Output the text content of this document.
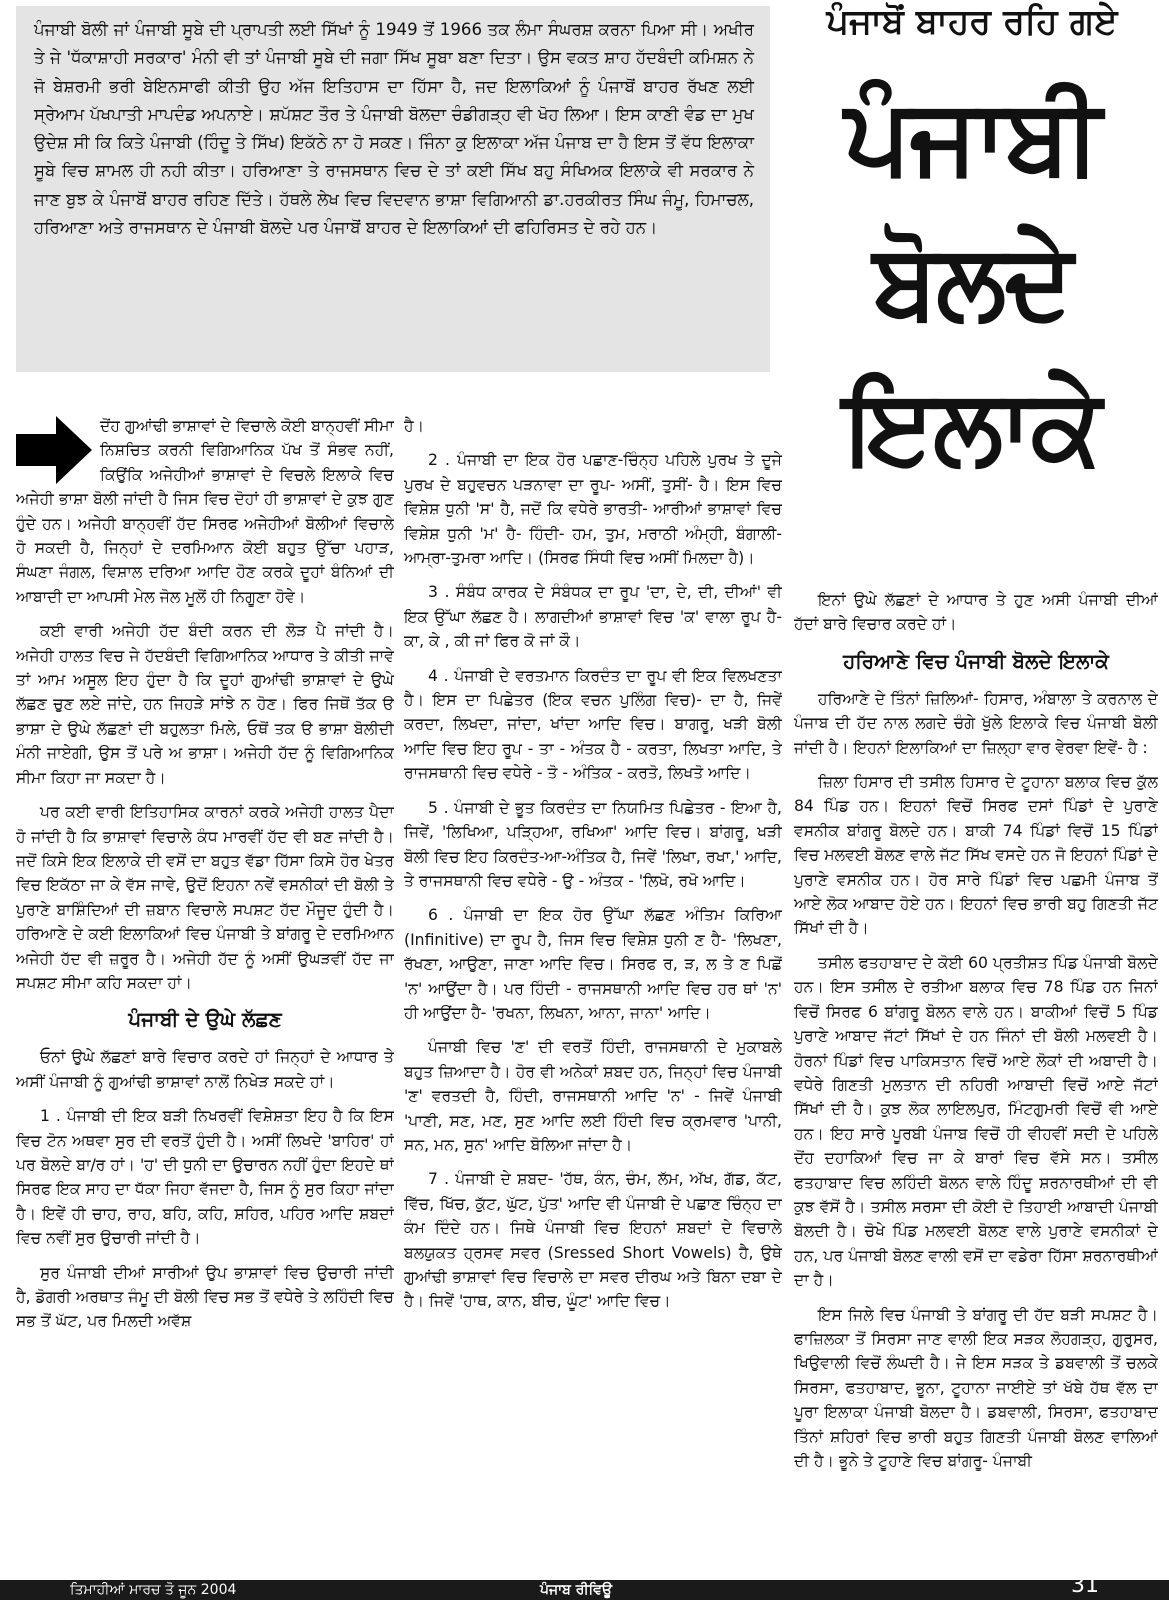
ਪੰਜਾਬੀ ਬੋਲੀ ਜਾਂ ਪੰਜਾਬੀ ਸੂਬੇ ਦੀ ਪ੍ਰਾਪਤੀ ਲਈ ਸਿੱਖਾਂ ਨੂੰ 1949 ਤੋਂ 1966 ਤਕ ਲੰਮਾ ਸੰਘਰਸ਼ ਕਰਨਾ ਪਿਆ ਸੀ। ਅਖੀਰ ਤੇ ਜੇ 'ਧੱਕਾਸ਼ਾਹੀ ਸਰਕਾਰ' ਮੰਨੀ ਵੀ ਤਾਂ ਪੰਜਾਬੀ ਸੂਬੇ ਦੀ ਜਗਾ ਸਿੱਖ ਸੂਬਾ ਬਣਾ ਦਿਤਾ। ਉਸ ਵਕਤ ਸ਼ਾਹ ਹੱਦਬੰਦੀ ਕਮਿਸ਼ਨ ਨੇ ਜੋ ਬੇਸ਼ਰਮੀ ਭਰੀ ਬੇਇਨਸਾਫੀ ਕੀਤੀ ਉਹ ਅੱਜ ਇਤਿਹਾਸ ਦਾ ਹਿੱਸਾ ਹੈ, ਜਦ ਇਲਾਕਿਆਂ ਨੂੰ ਪੰਜਾਬੋਂ ਬਾਹਰ ਰੱਖਣ ਲਈ ਸ੍ਰੇਆਮ ਪੱਖਪਾਤੀ ਮਾਪਦੰਡ ਅਪਨਾਏ। ਸ਼ਪੱਸ਼ਟ ਤੌਰ ਤੇ ਪੰਜਾਬੀ ਬੋਲਦਾ ਚੰਡੀਗੜ੍ਹ ਵੀ ਖੋਹ ਲਿਆ। ਇਸ ਕਾਣੀ ਵੰਡ ਦਾ ਮੁਖ ਉਦੇਸ਼ ਸੀ ਕਿ ਕਿਤੇ ਪੰਜਾਬੀ (ਹਿੰਦੂ ਤੇ ਸਿੱਖ) ਇਕੱਠੇ ਨਾ ਹੋ ਸਕਣ। ਜਿੰਨਾ ਕੁ ਇਲਾਕਾ ਅੱਜ ਪੰਜਾਬ ਦਾ ਹੈ ਇਸ ਤੋਂ ਵੱਧ ਇਲਾਕਾ ਸੂਬੇ ਵਿਚ ਸ਼ਾਮਲ ਹੀ ਨਹੀ ਕੀਤਾ। ਹਰਿਆਣਾ ਤੇ ਰਾਜਸਥਾਨ ਵਿਚ ਦੇ ਤਾਂ ਕਈ ਸਿੱਖ ਬਹੁ ਸੰਖਿਅਕ ਇਲਾਕੇ ਵੀ ਸਰਕਾਰ ਨੇ ਜਾਣ ਬੁਝ ਕੇ ਪੰਜਾਬੋਂ ਬਾਹਰ ਰਹਿਣ ਦਿੱਤੇ। ਹੱਥਲੇ ਲੇਖ ਵਿਚ ਵਿਦਵਾਨ ਭਾਸ਼ਾ ਵਿਗਿਆਨੀ ਡਾ.ਹਰਕੀਰਤ ਸਿੰਘ ਜੰਮੂ, ਹਿਮਾਚਲ, ਹਰਿਆਣਾ ਅਤੇ ਰਾਜਸਥਾਨ ਦੇ ਪੰਜਾਬੀ ਬੋਲਦੇ ਪਰ ਪੰਜਾਬੋਂ ਬਾਹਰ ਦੇ ਇਲਾਕਿਆਂ ਦੀ ਫਹਿਰਿਸਤ ਦੇ ਰਹੇ ਹਨ।

ਪੰਜਾਬੋਂ ਬਾਹਰ ਰਹਿ ਗਏ
ਪੰਜਾਬੀ
ਬੋਲਦੇ
ਇਲਾਕੇ

ਦੋਂਹ ਗੁਆਂਢੀ ਭਾਸ਼ਾਵਾਂ ਦੇ ਵਿਚਾਲੇ ਕੋਈ ਬਾਨ੍ਹਵੀਂ ਸੀਮਾ ਨਿਸ਼ਚਿਤ ਕਰਨੀ ਵਿਗਿਆਨਿਕ ਪੱਖ ਤੋਂ ਸੰਭਵ ਨਹੀਂ, ਕਿਉਂਕਿ ਅਜੇਹੀਆਂ ਭਾਸ਼ਾਵਾਂ ਦੇ ਵਿਚਲੇ ਇਲਾਕੇ ਵਿਚ ਅਜੇਹੀ ਭਾਸ਼ਾ ਬੋਲੀ ਜਾਂਦੀ ਹੈ ਜਿਸ ਵਿਚ ਦੋਹਾਂ ਹੀ ਭਾਸ਼ਾਵਾਂ ਦੇ ਕੁਝ ਗੁਣ ਹੁੰਦੇ ਹਨ। ਅਜੇਹੀ ਬਾਨ੍ਹਵੀਂ ਹੱਦ ਸਿਰਫ ਅਜੇਹੀਆਂ ਬੋਲੀਆਂ ਵਿਚਾਲੇ ਹੋ ਸਕਦੀ ਹੈ, ਜਿਨ੍ਹਾਂ ਦੇ ਦਰਮਿਆਨ ਕੋਈ ਬਹੁਤ ਉੱਚਾ ਪਹਾੜ, ਸੰਘਣਾ ਜੰਗਲ, ਵਿਸ਼ਾਲ ਦਰਿਆ ਆਦਿ ਹੋਣ ਕਰਕੇ ਦੂਹਾਂ ਬੰਨਿਆਂ ਦੀ ਆਬਾਦੀ ਦਾ ਆਪਸੀ ਮੇਲ ਜੋਲ ਮੂਲੋਂ ਹੀ ਨਿਗੂਣਾ ਹੋਵੇ।

ਕਈ ਵਾਰੀ ਅਜੇਹੀ ਹੱਦ ਬੰਦੀ ਕਰਨ ਦੀ ਲੋੜ ਪੈ ਜਾਂਦੀ ਹੈ। ਅਜੇਹੀ ਹਾਲਤ ਵਿਚ ਜੇ ਹੱਦਬੰਦੀ ਵਿਗਿਆਨਿਕ ਆਧਾਰ ਤੇ ਕੀਤੀ ਜਾਵੇ ਤਾਂ ਆਮ ਅਸੂਲ ਇਹ ਹੁੰਦਾ ਹੈ ਕਿ ਦੂਹਾਂ ਗੁਆਂਢੀ ਭਾਸ਼ਾਵਾਂ ਦੇ ਉਘੇ ਲੱਛਣ ਚੁਣ ਲਏ ਜਾਂਦੇ, ਹਨ ਜਿਹੜੇ ਸਾਂਝੇ ਨ ਹੋਣ। ਫਿਰ ਜਿਥੋਂ ਤੱਕ ੳ ਭਾਸ਼ਾ ਦੇ ਉਘੇ ਲੱਛਣਾਂ ਦੀ ਬਹੁਲਤਾ ਮਿਲੇ, ਓਥੋਂ ਤਕ ੳ ਭਾਸ਼ਾ ਬੋਲੀਦੀ ਮੰਨੀ ਜਾਏਗੀ, ਉਸ ਤੋਂ ਪਰੇ ਅ ਭਾਸ਼ਾ। ਅਜੇਹੀ ਹੱਦ ਨੂੰ ਵਿਗਿਆਨਿਕ ਸੀਮਾ ਕਿਹਾ ਜਾ ਸਕਦਾ ਹੈ।

ਪਰ ਕਈ ਵਾਰੀ ਇਤਿਹਾਸਿਕ ਕਾਰਨਾਂ ਕਰਕੇ ਅਜੇਹੀ ਹਾਲਤ ਪੈਦਾ ਹੋ ਜਾਂਦੀ ਹੈ ਕਿ ਭਾਸ਼ਾਵਾਂ ਵਿਚਾਲੇ ਕੰਧ ਮਾਰਵੀਂ ਹੱਦ ਵੀ ਬਣ ਜਾਂਦੀ ਹੈ। ਜਦੋਂ ਕਿਸੇ ਇਕ ਇਲਾਕੇ ਦੀ ਵਸੋਂ ਦਾ ਬਹੁਤ ਵੱਡਾ ਹਿੱਸਾ ਕਿਸੇ ਹੋਰ ਖੇਤਰ ਵਿਚ ਇਕੱਠਾ ਜਾ ਕੇ ਵੱਸ ਜਾਵੇ, ਉਦੋਂ ਇਹਨਾ ਨਵੇਂ ਵਸਨੀਕਾਂ ਦੀ ਬੋਲੀ ਤੇ ਪੁਰਾਣੇ ਬਾਸ਼ਿੰਦਿਆਂ ਦੀ ਜ਼ਬਾਨ ਵਿਚਾਲੇ ਸਪਸ਼ਟ ਹੱਦ ਮੌਜੂਦ ਹੁੰਦੀ ਹੈ। ਹਰਿਆਣੇ ਦੇ ਕਈ ਇਲਾਕਿਆਂ ਵਿਚ ਪੰਜਾਬੀ ਤੇ ਬਾਂਗਰੂ ਦੇ ਦਰਮਿਆਨ ਅਜੇਹੀ ਹੱਦ ਵੀ ਜ਼ਰੂਰ ਹੈ। ਅਜੇਹੀ ਹੱਦ ਨੂੰ ਅਸੀਂ ਉਘੜਵੀਂ ਹੱਦ ਜਾ ਸਪਸ਼ਟ ਸੀਮਾ ਕਹਿ ਸਕਦਾ ਹਾਂ।

ਪੰਜਾਬੀ ਦੇ ਉਘੇ ਲੱਛਣ

ਓਨਾਂ ਉਘੇ ਲੱਛਣਾਂ ਬਾਰੇ ਵਿਚਾਰ ਕਰਦੇ ਹਾਂ ਜਿਨ੍ਹਾਂ ਦੇ ਆਧਾਰ ਤੇ ਅਸੀਂ ਪੰਜਾਬੀ ਨੂੰ ਗੁਆਂਢੀ ਭਾਸ਼ਾਵਾਂ ਨਾਲੋਂ ਨਿਖੇੜ ਸਕਦੇ ਹਾਂ।

1 . ਪੰਜਾਬੀ ਦੀ ਇਕ ਬੜੀ ਨਿਖਰਵੀਂ ਵਿਸ਼ੇਸ਼ਤਾ ਇਹ ਹੈ ਕਿ ਇਸ ਵਿਚ ਟੋਨ ਅਥਵਾ ਸੁਰ ਦੀ ਵਰਤੋਂ ਹੁੰਦੀ ਹੈ। ਅਸੀਂ ਲਿਖਦੇ 'ਬਾਹਿਰ' ਹਾਂ ਪਰ ਬੋਲਦੇ ਬਾ/ਰ ਹਾਂ। 'ਹ' ਦੀ ਧੁਨੀ ਦਾ ਉਚਾਰਨ ਨਹੀਂ ਹੁੰਦਾ ਇਹਦੇ ਥਾਂ ਸਿਰਫ ਇਕ ਸਾਹ ਦਾ ਧੱਕਾ ਜਿਹਾ ਵੱਜਦਾ ਹੈ, ਜਿਸ ਨੂੰ ਸੁਰ ਕਿਹਾ ਜਾਂਦਾ ਹੈ। ਇਵੇਂ ਹੀ ਚਾਹ, ਰਾਹ, ਬਹਿ, ਕਹਿ, ਸ਼ਹਿਰ, ਪਹਿਰ ਆਦਿ ਸ਼ਬਦਾਂ ਵਿਚ ਨਵੀਂ ਸੁਰ ਉਚਾਰੀ ਜਾਂਦੀ ਹੈ।

ਸੁਰ ਪੰਜਾਬੀ ਦੀਆਂ ਸਾਰੀਆਂ ਉਪ ਭਾਸ਼ਾਵਾਂ ਵਿਚ ਉਚਾਰੀ ਜਾਂਦੀ ਹੈ, ਡੋਗਰੀ ਅਰਥਾਤ ਜੰਮੂ ਦੀ ਬੋਲੀ ਵਿਚ ਸਭ ਤੋਂ ਵਧੇਰੇ ਤੇ ਲਹਿੰਦੀ ਵਿਚ ਸਭ ਤੋਂ ਘੱਟ, ਪਰ ਮਿਲਦੀ ਅਵੱਸ਼

ਹੈ।

2 . ਪੰਜਾਬੀ ਦਾ ਇਕ ਹੋਰ ਪਛਾਣ-ਚਿੰਨ੍ਹ ਪਹਿਲੇ ਪੁਰਖ ਤੇ ਦੂਜੇ ਪੁਰਖ ਦੇ ਬਹੁਵਚਨ ਪੜਨਾਵਾ ਦਾ ਰੂਪ- ਅਸੀਂ, ਤੁਸੀਂ- ਹੈ। ਇਸ ਵਿਚ ਵਿਸ਼ੇਸ਼ ਧੁਨੀ 'ਸ' ਹੈ, ਜਦੋਂ ਕਿ ਵਧੇਰੇ ਭਾਰਤੀ- ਆਰੀਆਂ ਭਾਸ਼ਾਵਾਂ ਵਿਚ ਵਿਸ਼ੇਸ਼ ਧੁਨੀ 'ਮ' ਹੈ- ਹਿੰਦੀ- ਹਮ, ਤੁਮ, ਮਰਾਠੀ ਅੰਮ੍ਹੀ, ਬੰਗਾਲੀ- ਆਮ੍ਰਾ-ਤੁਮਰਾ ਆਦਿ। (ਸਿਰਫ ਸਿੰਧੀ ਵਿਚ ਅਸੀਂ ਮਿਲਦਾ ਹੈ)।

3 . ਸੰਬੰਧ ਕਾਰਕ ਦੇ ਸੰਬੰਧਕ ਦਾ ਰੂਪ 'ਦਾ, ਦੇ, ਦੀ, ਦੀਆਂ' ਵੀ ਇਕ ਉੱਘਾ ਲੱਛਣ ਹੈ। ਲਾਗਦੀਆਂ ਭਾਸ਼ਾਵਾਂ ਵਿਚ 'ਕ' ਵਾਲਾ ਰੂਪ ਹੈ- ਕਾ, ਕੇ , ਕੀ ਜਾਂ ਫਿਰ ਕੋ ਜਾਂ ਕੌ।

4 . ਪੰਜਾਬੀ ਦੇ ਵਰਤਮਾਨ ਕਿਰਦੰਤ ਦਾ ਰੂਪ ਵੀ ਇਕ ਵਿਲਖਣਤਾ ਹੈ। ਇਸ ਦਾ ਪਿਛੇਤਰ (ਇਕ ਵਚਨ ਪੁਲਿੰਗ ਵਿਚ)- ਦਾ ਹੈ, ਜਿਵੇਂ ਕਰਦਾ, ਲਿਖਦਾ, ਜਾਂਦਾ, ਖਾਂਦਾ ਆਦਿ ਵਿਚ। ਬਾਗਰੂ, ਖੜੀ ਬੋਲੀ ਆਦਿ ਵਿਚ ਇਹ ਰੂਪ - ਤਾ - ਅੰਤਕ ਹੈ - ਕਰਤਾ, ਲਿਖਤਾ ਆਦਿ, ਤੇ ਰਾਜਸਥਾਨੀ ਵਿਚ ਵਧੇਰੇ - ਤੋ - ਅੰਤਿਕ - ਕਰਤੋ, ਲਿਖਤੋ ਆਦਿ।

5 . ਪੰਜਾਬੀ ਦੇ ਭੂਤ ਕਿਰਦੰਤ ਦਾ ਨਿਯਮਿਤ ਪਿਛੇਤਰ - ਇਆ ਹੈ, ਜਿਵੇਂ, 'ਲਿਖਿਆ, ਪੜ੍ਹਿਆ, ਰਖਿਆ' ਆਦਿ ਵਿਚ। ਬਾਂਗਰੂ, ਖੜੀ ਬੋਲੀ ਵਿਚ ਇਹ ਕਿਰਦੰਤ-ਆ-ਅੰਤਿਕ ਹੈ, ਜਿਵੇਂ 'ਲਿਖਾ, ਰਖਾ,' ਆਦਿ, ਤੇ ਰਾਜਸਥਾਨੀ ਵਿਚ ਵਧੇਰੇ - ਉ - ਅੰਤਕ - 'ਲਿਖੋ, ਰਖੋ ਆਦਿ।

6 . ਪੰਜਾਬੀ ਦਾ ਇਕ ਹੋਰ ਉੱਘਾ ਲੱਛਣ ਅੰਤਿਮ ਕਿਰਿਆ (Infinitive) ਦਾ ਰੂਪ ਹੈ, ਜਿਸ ਵਿਚ ਵਿਸ਼ੇਸ਼ ਧੁਨੀ ਣ ਹੈ- 'ਲਿਖਣਾ, ਰੱਖਣਾ, ਆਉਣਾ, ਜਾਣਾ ਆਦਿ ਵਿਚ। ਸਿਰਫ ਰ, ੜ, ਲ ਤੇ ਣ ਪਿਛੋਂ 'ਨ' ਆਉਂਦਾ ਹੈ। ਪਰ ਹਿੰਦੀ - ਰਾਜਸਥਾਨੀ ਆਦਿ ਵਿਚ ਹਰ ਥਾਂ 'ਨ' ਹੀ ਆਉਂਦਾ ਹੈ- 'ਰਖਨਾ, ਲਿਖਨਾ, ਆਨਾ, ਜਾਨਾ' ਆਦਿ।

ਪੰਜਾਬੀ ਵਿਚ 'ਣ' ਦੀ ਵਰਤੋਂ ਹਿੰਦੀ, ਰਾਜਸਥਾਨੀ ਦੇ ਮੁਕਾਬਲੇ ਬਹੁਤ ਜ਼ਿਆਦਾ ਹੈ। ਹੋਰ ਵੀ ਅਨੇਕਾਂ ਸ਼ਬਦ ਹਨ, ਜਿਨ੍ਹਾਂ ਵਿਚ ਪੰਜਾਬੀ 'ਣ' ਵਰਤਦੀ ਹੈ, ਹਿੰਦੀ, ਰਾਜਸਥਾਨੀ ਆਦਿ 'ਨ' - ਜਿਵੇਂ ਪੰਜਾਬੀ 'ਪਾਣੀ, ਸਣ, ਮਣ, ਸੁਣ ਆਦਿ ਲਈ ਹਿੰਦੀ ਵਿਚ ਕ੍ਰਮਵਾਰ 'ਪਾਨੀ, ਸਨ, ਮਨ, ਸੁਨ' ਆਦਿ ਬੋਲਿਆ ਜਾਂਦਾ ਹੈ।

7 . ਪੰਜਾਬੀ ਦੇ ਸ਼ਬਦ- 'ਹੱਥ, ਕੰਨ, ਚੰਮ, ਲੱਮ, ਅੱਖ, ਗੱਡ, ਕੱਟ, ਵਿੱਚ, ਖਿੱਚ, ਕੁੱਟ, ਘੁੱਟ, ਪੁੱਤ' ਆਦਿ ਵੀ ਪੰਜਾਬੀ ਦੇ ਪਛਾਣ ਚਿੰਨ੍ਹ ਦਾ ਕੰਮ ਦਿੰਦੇ ਹਨ। ਜਿਥੇ ਪੰਜਾਬੀ ਵਿਚ ਇਹਨਾਂ ਸ਼ਬਦਾਂ ਦੇ ਵਿਚਾਲੇ ਬਲਯੁਕਤ ਹ੍ਰਸਵ ਸਵਰ (Sressed Short Vowels) ਹੈ, ਉਥੇ ਗੁਆਂਢੀ ਭਾਸ਼ਾਵਾਂ ਵਿਚ ਵਿਚਾਲੇ ਦਾ ਸਵਰ ਦੀਰਘ ਅਤੇ ਬਿਨਾ ਦਬਾ ਦੇ ਹੈ। ਜਿਵੇਂ 'ਹਾਥ, ਕਾਨ, ਬੀਚ, ਘੂੰਟ' ਆਦਿ ਵਿਚ।

ਇਨਾਂ ਉਘੇ ਲੱਛਣਾਂ ਦੇ ਆਧਾਰ ਤੇ ਹੁਣ ਅਸੀ ਪੰਜਾਬੀ ਦੀਆਂ ਹੱਦਾਂ ਬਾਰੇ ਵਿਚਾਰ ਕਰਦੇ ਹਾਂ।

ਹਰਿਆਣੇ ਵਿਚ ਪੰਜਾਬੀ ਬੋਲਦੇ ਇਲਾਕੇ

ਹਰਿਆਣੇ ਦੇ ਤਿੰਨਾਂ ਜ਼ਿਲਿਆਂ- ਹਿਸਾਰ, ਅੰਬਾਲਾ ਤੇ ਕਰਨਾਲ ਦੇ ਪੰਜਾਬ ਦੀ ਹੱਦ ਨਾਲ ਲਗਦੇ ਚੰਗੇ ਖੁੱਲੇ ਇਲਾਕੇ ਵਿਚ ਪੰਜਾਬੀ ਬੋਲੀ ਜਾਂਦੀ ਹੈ। ਇਹਨਾਂ ਇਲਾਕਿਆਂ ਦਾ ਜ਼ਿਲ੍ਹਾ ਵਾਰ ਵੇਰਵਾ ਇਵੇਂ- ਹੈ :

ਜ਼ਿਲਾ ਹਿਸਾਰ ਦੀ ਤਸੀਲ ਹਿਸਾਰ ਦੇ ਟੂਹਾਨਾ ਬਲਾਕ ਵਿਚ ਕੁੱਲ 84 ਪਿੰਡ ਹਨ। ਇਹਨਾਂ ਵਿਚੋਂ ਸਿਰਫ ਦਸਾਂ ਪਿੰਡਾਂ ਦੇ ਪੁਰਾਣੇ ਵਸਨੀਕ ਬਾਂਗਰੂ ਬੋਲਦੇ ਹਨ। ਬਾਕੀ 74 ਪਿੰਡਾਂ ਵਿਚੋਂ 15 ਪਿੰਡਾਂ ਵਿਚ ਮਲਵਈ ਬੋਲਣ ਵਾਲੇ ਜੱਟ ਸਿੱਖ ਵਸਦੇ ਹਨ ਜੋ ਇਹਨਾਂ ਪਿੰਡਾਂ ਦੇ ਪੁਰਾਣੇ ਵਸਨੀਕ ਹਨ। ਹੋਰ ਸਾਰੇ ਪਿੰਡਾਂ ਵਿਚ ਪਛਮੀ ਪੰਜਾਬ ਤੋਂ ਆਏ ਲੋਕ ਆਬਾਦ ਹੋਏ ਹਨ। ਇਹਨਾਂ ਵਿਚ ਭਾਰੀ ਬਹੁ ਗਿਣਤੀ ਜੱਟ ਸਿੱਖਾਂ ਦੀ ਹੈ।

ਤਸੀਲ ਫਤਹਾਬਾਦ ਦੇ ਕੋਈ 60 ਪ੍ਰਤੀਸ਼ਤ ਪਿੰਡ ਪੰਜਾਬੀ ਬੋਲਦੇ ਹਨ। ਇਸ ਤਸੀਲ ਦੇ ਰਤੀਆ ਬਲਾਕ ਵਿਚ 78 ਪਿੰਡ ਹਨ ਜਿਨਾਂ ਵਿਚੋਂ ਸਿਰਫ 6 ਬਾਂਗਰੂ ਬੋਲਨ ਵਾਲੇ ਹਨ। ਬਾਕੀਆਂ ਵਿਚੋਂ 5 ਪਿੰਡ ਪੁਰਾਣੇ ਆਬਾਦ ਜੱਟਾਂ ਸਿੱਖਾਂ ਦੇ ਹਨ ਜਿੰਨਾਂ ਦੀ ਬੋਲੀ ਮਲਵਈ ਹੈ। ਹੋਰਨਾਂ ਪਿੰਡਾਂ ਵਿਚ ਪਾਕਿਸਤਾਨ ਵਿਚੋਂ ਆਏ ਲੋਕਾਂ ਦੀ ਅਬਾਦੀ ਹੈ। ਵਧੇਰੇ ਗਿਣਤੀ ਮੁਲਤਾਨ ਦੀ ਨਹਿਰੀ ਆਬਾਦੀ ਵਿਚੋਂ ਆਏ ਜੱਟਾਂ ਸਿੱਖਾਂ ਦੀ ਹੈ। ਕੁਝ ਲੋਕ ਲਾਇਲਪੁਰ, ਮਿੰਟਗੁਮਰੀ ਵਿਚੋਂ ਵੀ ਆਏ ਹਨ। ਇਹ ਸਾਰੇ ਪੂਰਬੀ ਪੰਜਾਬ ਵਿਚੋਂ ਹੀ ਵੀਹਵੀਂ ਸਦੀ ਦੇ ਪਹਿਲੇ ਦੋਂਹ ਦਹਾਕਿਆਂ ਵਿਚ ਜਾ ਕੇ ਬਾਰਾਂ ਵਿਚ ਵੱਸੇ ਸਨ। ਤਸੀਲ ਫਤਹਾਬਾਦ ਵਿਚ ਲਹਿੰਦੀ ਬੋਲਨ ਵਾਲੇ ਹਿੰਦੂ ਸ਼ਰਨਾਰਥੀਆਂ ਦੀ ਵੀ ਕੁਝ ਵੱਸੋਂ ਹੈ। ਤਸੀਲ ਸਰਸਾ ਦੀ ਕੋਈ ਦੋ ਤਿਹਾਈ ਆਬਾਦੀ ਪੰਜਾਬੀ ਬੋਲਦੀ ਹੈ। ਚੋਖੇ ਪਿੰਡ ਮਲਵਈ ਬੋਲਣ ਵਾਲੇ ਪੁਰਾਣੇ ਵਸਨੀਕਾਂ ਦੇ ਹਨ, ਪਰ ਪੰਜਾਬੀ ਬੋਲਣ ਵਾਲੀ ਵਸੋਂ ਦਾ ਵਡੇਰਾ ਹਿੱਸਾ ਸ਼ਰਨਾਰਥੀਆਂ ਦਾ ਹੈ।

ਇਸ ਜਿਲੇ ਵਿਚ ਪੰਜਾਬੀ ਤੇ ਬਾਂਗਰੂ ਦੀ ਹੱਦ ਬੜੀ ਸਪਸ਼ਟ ਹੈ। ਫਾਜ਼ਿਲਕਾ ਤੋਂ ਸਿਰਸਾ ਜਾਣ ਵਾਲੀ ਇਕ ਸੜਕ ਲੋਹਗੜ੍ਹ, ਗੁਰੁਸਰ, ਖਿਉਵਾਲੀ ਵਿਚੋਂ ਲੰਘਦੀ ਹੈ। ਜੇ ਇਸ ਸੜਕ ਤੇ ਡਬਵਾਲੀ ਤੋਂ ਚਲਕੇ ਸਿਰਸਾ, ਫਤਹਾਬਾਦ, ਭੂਨਾ, ਟੂਹਾਨਾ ਜਾਈਏ ਤਾਂ ਖੱਬੇ ਹੱਥ ਵੱਲ ਦਾ ਪੂਰਾ ਇਲਾਕਾ ਪੰਜਾਬੀ ਬੋਲਦਾ ਹੈ। ਡਬਵਾਲੀ, ਸਿਰਸਾ, ਫਤਹਾਬਾਦ ਤਿੰਨਾਂ ਸ਼ਹਿਰਾਂ ਵਿਚ ਭਾਰੀ ਬਹੁਤ ਗਿਣਤੀ ਪੰਜਾਬੀ ਬੋਲਣ ਵਾਲਿਆਂ ਦੀ ਹੈ। ਭੂਨੇ ਤੇ ਟੂਹਾਣੇ ਵਿਚ ਬਾਂਗਰੂ- ਪੰਜਾਬੀ

ਤਿਮਾਹੀਆਂ ਮਾਰਚ ਤੋ ਜੂਨ 2004	ਪੰਜਾਬ ਰੀਵਿਊ	31
